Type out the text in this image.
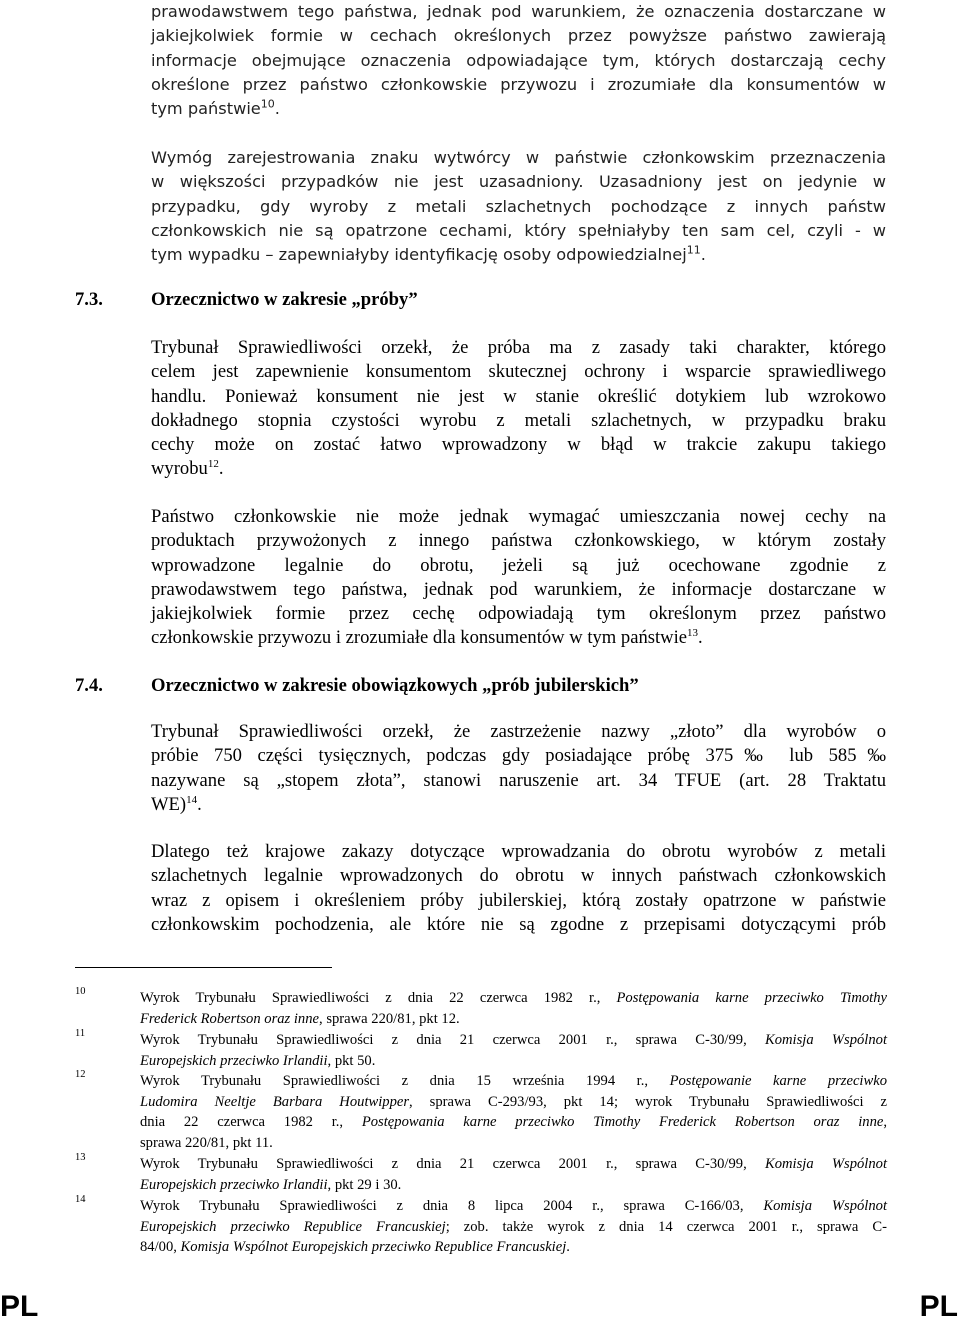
prawodawstwem tego państwa, jednak pod warunkiem, że oznaczenia dostarczane w
jakiejkolwiek formie w cechach określonych przez powyższe państwo zawierają
informacje obejmujące oznaczenia odpowiadające tym, których dostarczają cechy
określone przez państwo członkowskie przywozu i zrozumiałe dla konsumentów w
tym państwie$^{10}$.
Wymóg zarejestrowania znaku wytwórcy w państwie członkowskim przeznaczenia
w większości przypadków nie jest uzasadniony. Uzasadniony jest on jedynie w
przypadku, gdy wyroby z metali szlachetnych pochodzące z innych państw
członkowskich nie są opatrzone cechami, który spełniałyby ten sam cel, czyli - w
tym wypadku – zapewniałyby identyfikację osoby odpowiedzialnej$^{11}$.
7.3.	Orzecznictwo w zakresie „próby”
Trybunał Sprawiedliwości orzekł, że próba ma z zasady taki charakter, którego
celem jest zapewnienie konsumentom skutecznej ochrony i wsparcie sprawiedliwego
handlu. Ponieważ konsument nie jest w stanie określić dotykiem lub wzrokowo
dokładnego stopnia czystości wyrobu z metali szlachetnych, w przypadku braku
cechy może on zostać łatwo wprowadzony w błąd w trakcie zakupu takiego
wyrobu$^{12}$.
Państwo członkowskie nie może jednak wymagać umieszczania nowej cechy na
produktach przywożonych z innego państwa członkowskiego, w którym zostały
wprowadzone legalnie do obrotu, jeżeli są już ocechowane zgodnie z
prawodawstwem tego państwa, jednak pod warunkiem, że informacje dostarczane w
jakiejkolwiek formie przez cechę odpowiadają tym określonym przez państwo
członkowskie przywozu i zrozumiałe dla konsumentów w tym państwie$^{13}$.
7.4.	Orzecznictwo w zakresie obowiązkowych „prób jubilerskich”
Trybunał Sprawiedliwości orzekł, że zastrzeżenie nazwy „złoto” dla wyrobów o
próbie 750 części tysięcznych, podczas gdy posiadające próbę 375‰ lub 585‰
nazywane są „stopem złota”, stanowi naruszenie art. 34 TFUE (art. 28 Traktatu
WE)$^{14}$.
Dlatego też krajowe zakazy dotyczące wprowadzania do obrotu wyrobów z metali
szlachetnych legalnie wprowadzonych do obrotu w innych państwach członkowskich
wraz z opisem i określeniem próby jubilerskiej, którą zostały opatrzone w państwie
członkowskim pochodzenia, ale które nie są zgodne z przepisami dotyczącymi prób
10	Wyrok Trybunału Sprawiedliwości z dnia 22 czerwca 1982 r., Postępowania karne przeciwko Timothy
Frederick Robertson oraz inne, sprawa 220/81, pkt 12.
11	Wyrok Trybunału Sprawiedliwości z dnia 21 czerwca 2001 r., sprawa C-30/99, Komisja Wspólnot
Europejskich przeciwko Irlandii, pkt 50.
12	Wyrok Trybunału Sprawiedliwości z dnia 15 września 1994 r., Postępowanie karne przeciwko
Ludomira Neeltje Barbara Houtwipper, sprawa C-293/93, pkt 14; wyrok Trybunału Sprawiedliwości z
dnia 22 czerwca 1982 r., Postępowania karne przeciwko Timothy Frederick Robertson oraz inne,
sprawa 220/81, pkt 11.
13	Wyrok Trybunału Sprawiedliwości z dnia 21 czerwca 2001 r., sprawa C-30/99, Komisja Wspólnot
Europejskich przeciwko Irlandii, pkt 29 i 30.
14	Wyrok Trybunału Sprawiedliwości z dnia 8 lipca 2004 r., sprawa C-166/03, Komisja Wspólnot
Europejskich przeciwko Republice Francuskiej; zob. także wyrok z dnia 14 czerwca 2001 r., sprawa C-
84/00, Komisja Wspólnot Europejskich przeciwko Republice Francuskiej.
PL	PL
